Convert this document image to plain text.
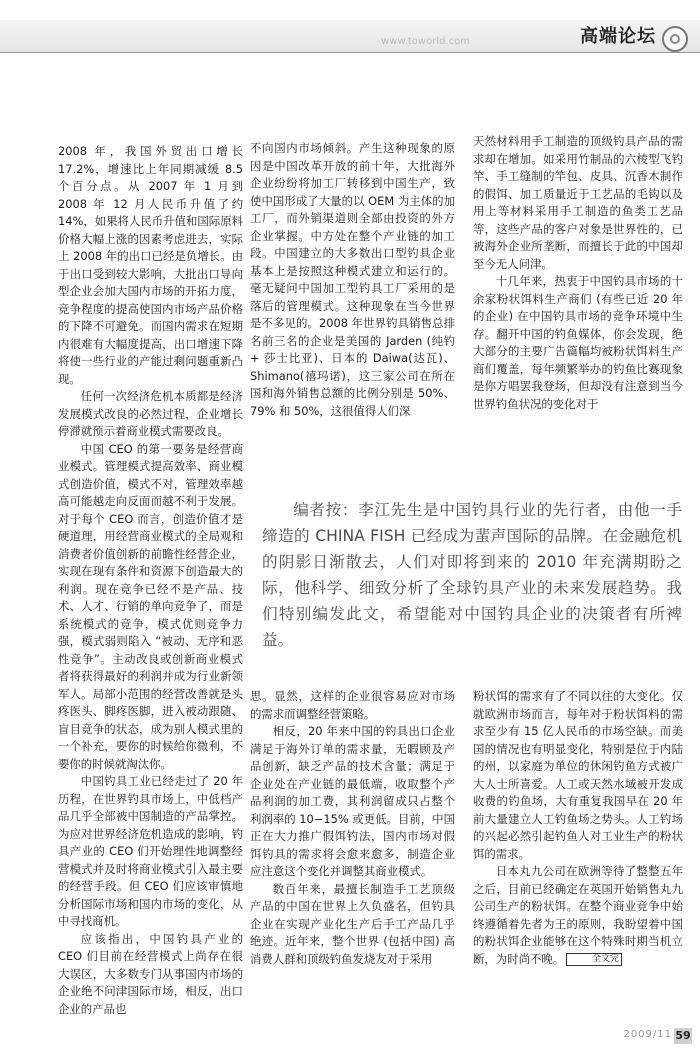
www.toworld.com	高端论坛

2008 年，我国外贸出口增长 17.2%，增速比上年同期减缓 8.5 个百分点。从 2007 年 1 月到 2008 年 12 月人民币升值了约 14%，如果将人民币升值和国际原料价格大幅上涨的因素考虑进去，实际上 2008 年的出口已经是负增长。由于出口受到较大影响，大批出口导向型企业会加大国内市场的开拓力度，竞争程度的提高使国内市场产品价格的下降不可避免。而国内需求在短期内很难有大幅度提高，出口增速下降将使一些行业的产能过剩问题重新凸现。

任何一次经济危机本质都是经济发展模式改良的必然过程，企业增长停滞就预示着商业模式需要改良。

中国 CEO 的第一要务是经营商业模式。管理模式提高效率、商业模式创造价值，模式不对，管理效率越高可能越走向反面而越不利于发展。对于每个 CEO 而言，创造价值才是硬道理，用经营商业模式的全局观和消费者价值创新的前瞻性经营企业，实现在现有条件和资源下创造最大的利润。现在竞争已经不是产品、技术、人才、行销的单向竞争了，而是系统模式的竞争，模式优则竞争力强，模式弱则陷入 “被动、无序和恶性竞争”。主动改良或创新商业模式者将获得最好的利润并成为行业新领军人。局部小范围的经营改善就是头疼医头、脚疼医脚，进入被动跟随、盲目竞争的状态，成为别人模式里的一个补充，要你的时候给你微利，不要你的时候就淘汰你。

中国钓具工业已经走过了 20 年历程，在世界钓具市场上，中低档产品几乎全部被中国制造的产品掌控。为应对世界经济危机造成的影响，钓具产业的 CEO 们开始理性地调整经营模式并及时将商业模式引入最主要的经营手段。但 CEO 们应该审慎地分析国际市场和国内市场的变化，从中寻找商机。

应该指出，中国钓具产业的 CEO 们目前在经营模式上尚存在很大误区，大多数专门从事国内市场的企业绝不问津国际市场，相反，出口企业的产品也

不向国内市场倾斜。产生这种现象的原因是中国改革开放的前十年，大批海外企业纷纷将加工厂转移到中国生产，致使中国形成了大量的以 OEM 为主体的加工厂，而外销渠道则全部由投资的外方企业掌握。中方处在整个产业链的加工段。中国建立的大多数出口型钓具企业基本上是按照这种模式建立和运行的。毫无疑问中国加工型钓具工厂采用的是落后的管理模式。这种现象在当今世界是不多见的。2008 年世界钓具销售总排名前三名的企业是美国的 Jarden (纯钓 + 莎士比亚)、日本的 Daiwa(达瓦)、Shimano(禧玛诺)，这三家公司在所在国和海外销售总额的比例分别是 50%、79% 和 50%，这很值得人们深

天然材料用手工制造的顶级钓具产品的需求却在增加。如采用竹制品的六棱型飞钓竿、手工缝制的竿包、皮具、沉香木制作的假饵、加工质量近于工艺品的毛钩以及用上等材料采用手工制造的鱼类工艺品等，这些产品的客户对象是世界性的，已被海外企业所垄断，而擅长于此的中国却至今无人问津。

十几年来，热衷于中国钓具市场的十余家粉状饵料生产商们 (有些已近 20 年的企业) 在中国钓具市场的竞争环境中生存。翻开中国的钓鱼媒体，你会发现，绝大部分的主要广告篇幅均被粉状饵料生产商们覆盖，每年频繁举办的钓鱼比赛现象是你方唱罢我登场，但却没有注意到当今世界钓鱼状况的变化对于

编者按：李江先生是中国钓具行业的先行者，由他一手缔造的 CHINA FISH 已经成为蜚声国际的品牌。在金融危机的阴影日渐散去，人们对即将到来的 2010 年充满期盼之际，他科学、细致分析了全球钓具产业的未来发展趋势。我们特别编发此文，希望能对中国钓具企业的决策者有所裨益。

思。显然，这样的企业很容易应对市场的需求而调整经营策略。

相反，20 年来中国的钓具出口企业满足于海外订单的需求量，无暇顾及产品创新，缺乏产品的技术含量；满足于企业处在产业链的最低端，收取整个产品利润的加工费，其利润留成只占整个利润率的 10−15% 或更低。目前，中国正在大力推广假饵钓法，国内市场对假饵钓具的需求将会愈来愈多，制造企业应注意这个变化并调整其商业模式。

数百年来，最擅长制造手工艺顶级产品的中国在世界上久负盛名，但钓具企业在实现产业化生产后手工产品几乎绝迹。近年来，整个世界 (包括中国) 高消费人群和顶级钓鱼发烧友对于采用

粉状饵的需求有了不同以往的大变化。仅就欧洲市场而言，每年对于粉状饵料的需求至少有 15 亿人民币的市场空缺。而美国的情况也有明显变化，特别是位于内陆的州，以家庭为单位的休闲钓鱼方式被广大人士所喜爱。人工或天然水域被开发成收费的钓鱼场，大有重复我国早在 20 年前大量建立人工钓鱼场之势头。人工钓场的兴起必然引起钓鱼人对工业生产的粉状饵的需求。

日本丸九公司在欧洲等待了整整五年之后，目前已经确定在英国开始销售丸九公司生产的粉状饵。在整个商业竞争中始终遵循着先者为王的原则，我盼望着中国的粉状饵企业能够在这个特殊时期当机立断，为时尚不晚。	全文完

2009/11 59
